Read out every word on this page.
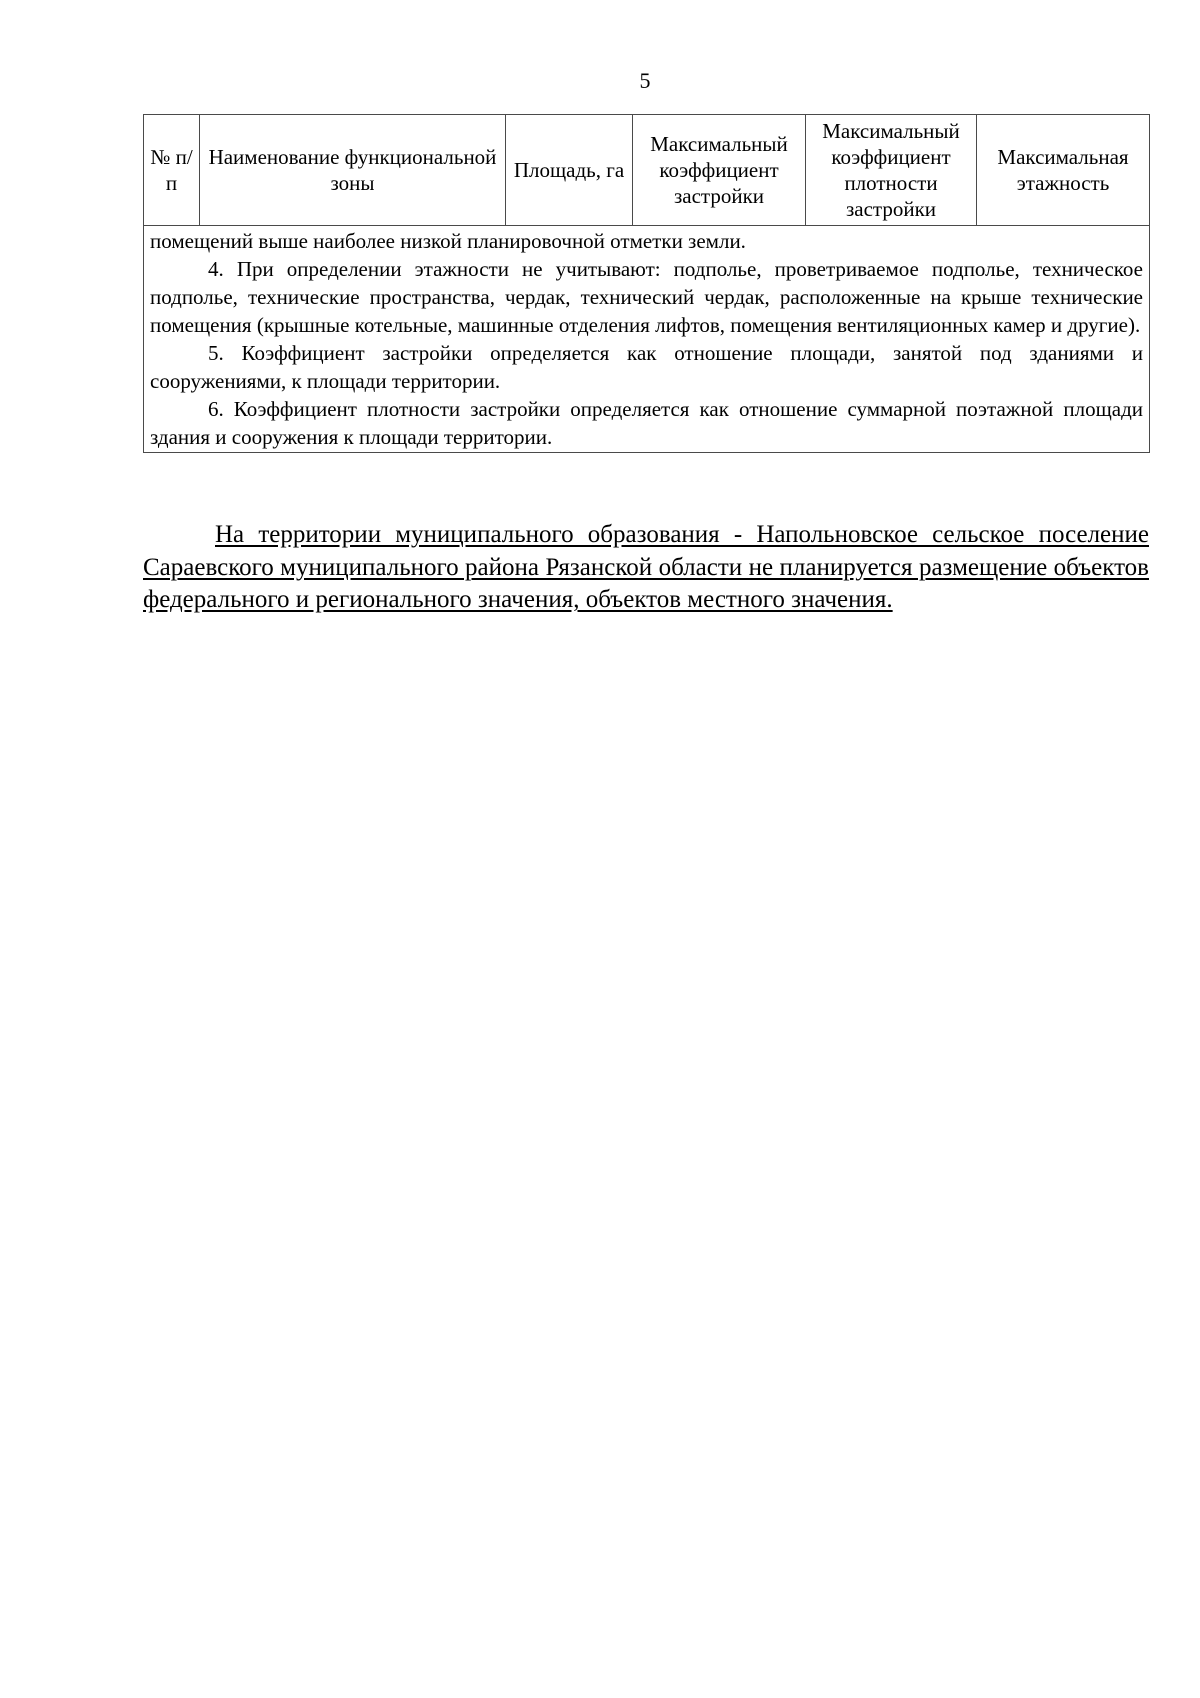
5
№ п/п	Наименование функциональной зоны	Площадь, га	Максимальный коэффициент застройки	Максимальный коэффициент плотности застройки	Максимальная этажность

помещений выше наиболее низкой планировочной отметки земли.

4. При определении этажности не учитывают: подполье, проветриваемое подполье, техническое подполье, технические пространства, чердак, технический чердак, расположенные на крыше технические помещения (крышные котельные, машинные отделения лифтов, помещения вентиляционных камер и другие).

5. Коэффициент застройки определяется как отношение площади, занятой под зданиями и сооружениями, к площади территории.

6. Коэффициент плотности застройки определяется как отношение суммарной поэтажной площади здания и сооружения к площади территории.

На территории муниципального образования - Напольновское сельское поселение Сараевского муниципального района Рязанской области не планируется размещение объектов федерального и регионального значения, объектов местного значения.
